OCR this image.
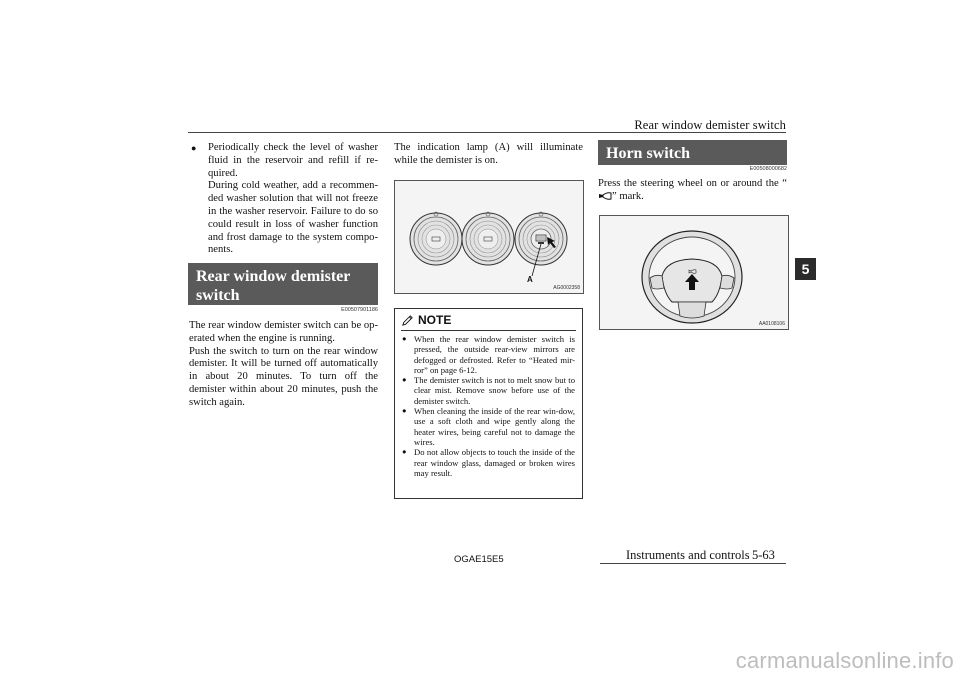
Rear window demister switch
5

● Periodically check the level of washer fluid in the reservoir and refill if re-quired.

During cold weather, add a recommen-ded washer solution that will not freeze in the washer reservoir. Failure to do so could result in loss of washer function and frost damage to the system compo-nents.

Rear window demister switch
E00507901186

The rear window demister switch can be op-erated when the engine is running.

Push the switch to turn on the rear window demister. It will be turned off automatically in about 20 minutes. To turn off the demister within about 20 minutes, push the switch again.

The indication lamp (A) will illuminate while the demister is on.
A
AG0002358
NOTE

● When the rear window demister switch is pressed, the outside rear-view mirrors are defogged or defrosted. Refer to “Heated mir-ror” on page 6-12.

● The demister switch is not to melt snow but to clear mist. Remove snow before use of the demister switch.

● When cleaning the inside of the rear win-dow, use a soft cloth and wipe gently along the heater wires, being careful not to damage the wires.

● Do not allow objects to touch the inside of the rear window glass, damaged or broken wires may result.

Horn switch
E00508000682
Press the steering wheel on or around the “” mark.
AA0108106
OGAE15E5	Instruments and controls 5-63
carmanualsonline.info
